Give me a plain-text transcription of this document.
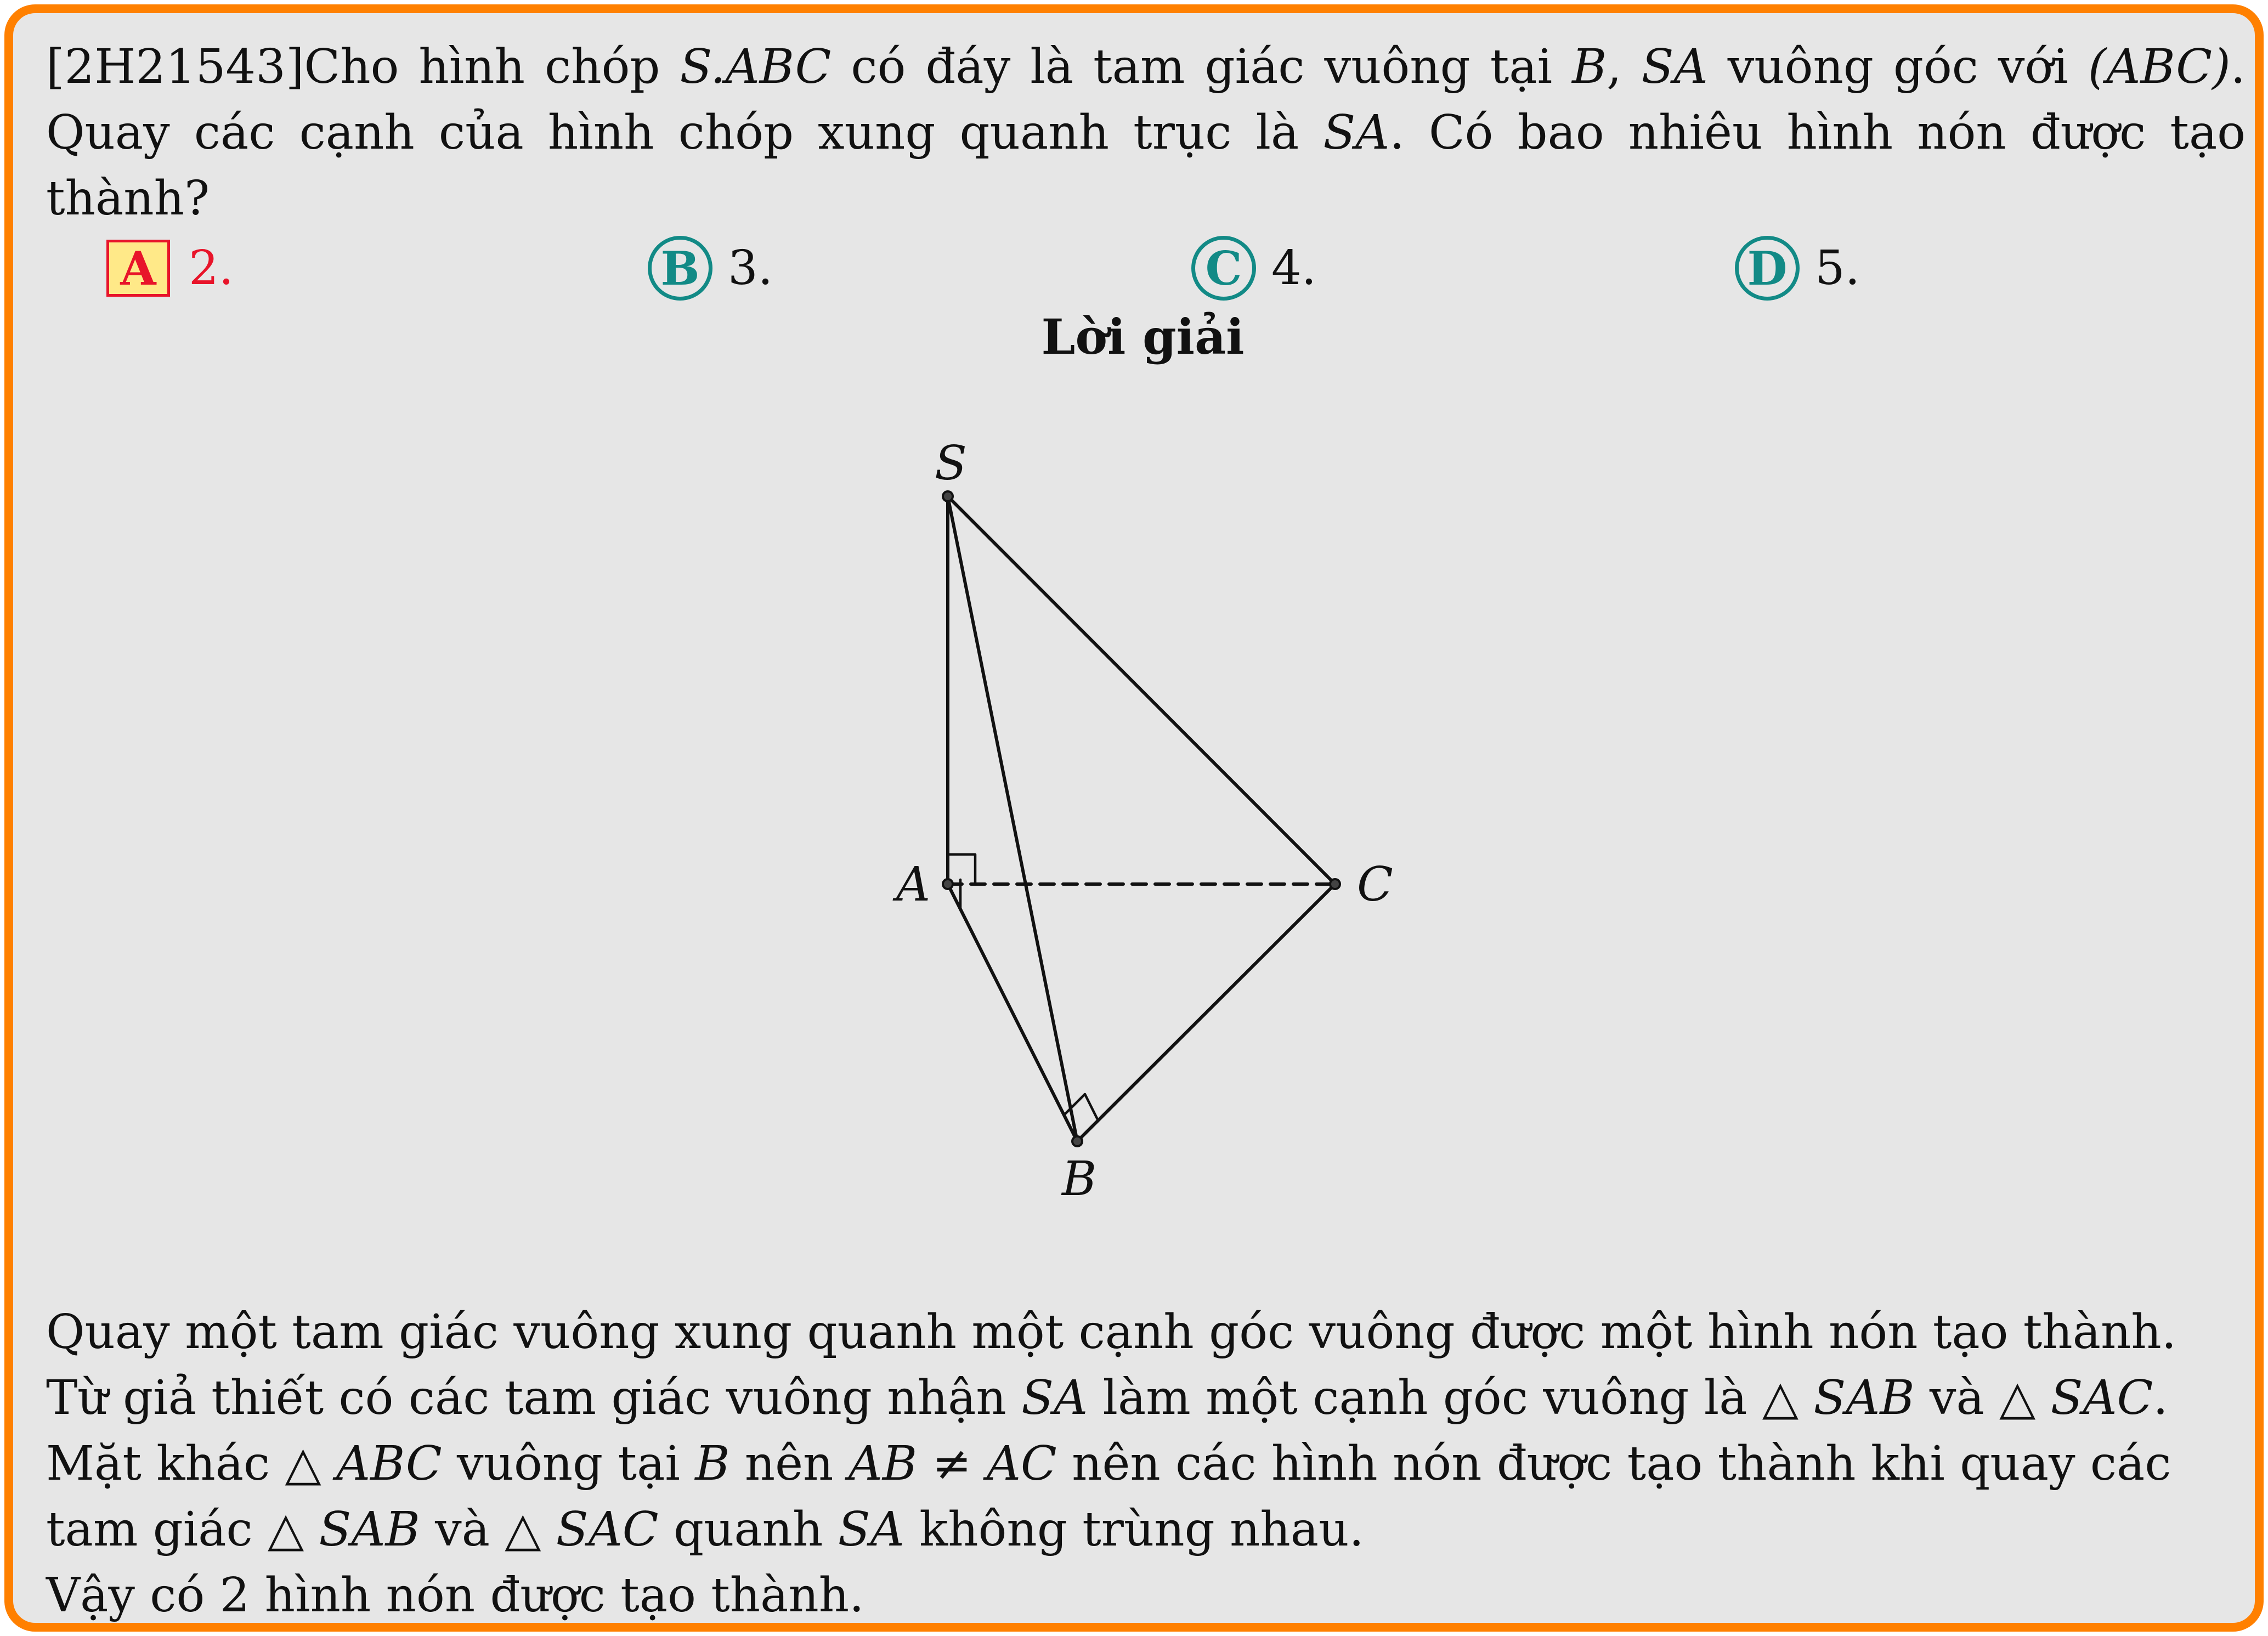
[2H21543]Cho hình chóp S.ABC có đáy là tam giác vuông tại B, SA vuông góc với (ABC). Quay các cạnh của hình chóp xung quanh trục là SA. Có bao nhiêu hình nón được tạo thành?
A 2.	B 3.	C 4.	D 5.
Lời giải
S
A
B
C

Quay một tam giác vuông xung quanh một cạnh góc vuông được một hình nón tạo thành.

Từ giả thiết có các tam giác vuông nhận SA làm một cạnh góc vuông là △ SAB và △ SAC.

Mặt khác △ ABC vuông tại B nên AB ≠ AC nên các hình nón được tạo thành khi quay các

tam giác △ SAB và △ SAC quanh SA không trùng nhau.

Vậy có 2 hình nón được tạo thành.
